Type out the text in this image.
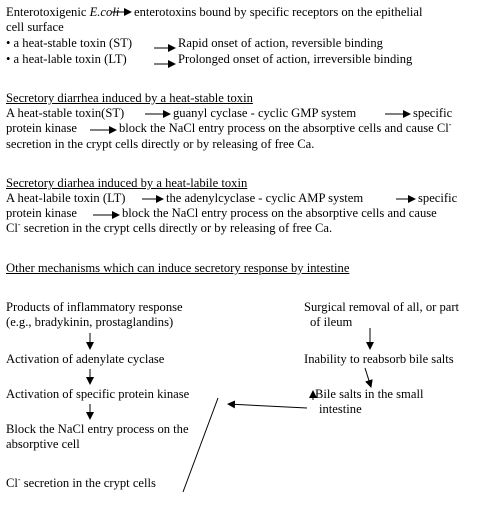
Enterotoxigenic E.coli enterotoxins bound by specific receptors on the epithelial
cell surface
• a heat-stable toxin (ST)	Rapid onset of action, reversible binding
• a heat-lable toxin (LT)	Prolonged onset of action, irreversible binding
Secretory diarrhea induced by a heat-stable toxin
A heat-stable toxin(ST)	guanyl cyclase - cyclic GMP system	specific
protein kinase	block the NaCl entry process on the absorptive cells and cause Cl-
secretion in the crypt cells directly or by releasing of free Ca.
Secretory diarhea induced by a heat-labile toxin
A heat-labile toxin (LT)	the adenylcyclase - cyclic AMP system	specific
protein kinase	block the NaCl entry process on the absorptive cells and cause
Cl- secretion in the crypt cells directly or by releasing of free Ca.
Other mechanisms which can induce secretory response by intestine
Products of inflammatory response
(e.g., bradykinin, prostaglandins)
Activation of adenylate cyclase
Activation of specific protein kinase
Block the NaCl entry process on the
absorptive cell
Cl- secretion in the crypt cells
Surgical removal of all, or part
of ileum
Inability to reabsorb bile salts
Bile salts in the small
intestine
